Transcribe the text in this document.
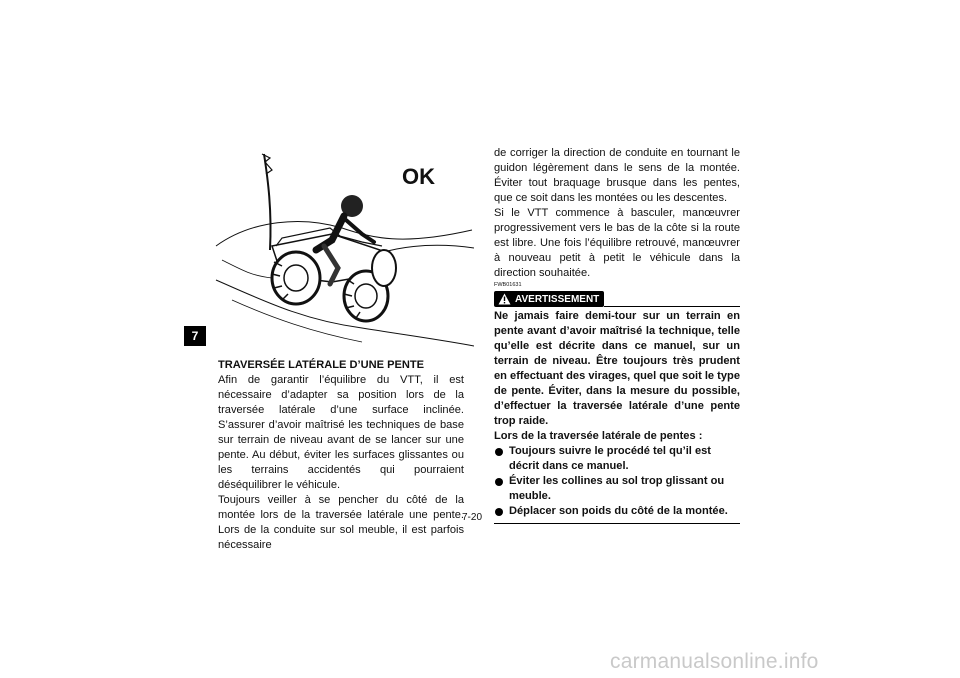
7
OK

TRAVERSÉE LATÉRALE D’UNE PENTE

Afin de garantir l’équilibre du VTT, il est nécessaire d’adapter sa position lors de la traversée latérale d’une surface inclinée. S’assurer d’avoir maîtrisé les techniques de base sur terrain de niveau avant de se lancer sur une pente. Au début, éviter les surfaces glissantes ou les terrains accidentés qui pourraient déséquilibrer le véhicule.

Toujours veiller à se pencher du côté de la montée lors de la traversée latérale une pente. Lors de la conduite sur sol meuble, il est parfois nécessaire

de corriger la direction de conduite en tournant le guidon légèrement dans le sens de la montée. Éviter tout braquage brusque dans les pentes, que ce soit dans les montées ou les descentes.

Si le VTT commence à basculer, manœuvrer progressivement vers le bas de la côte si la route est libre. Une fois l’équilibre retrouvé, manœuvrer à nouveau petit à petit le véhicule dans la direction souhaitée.

FWB01631
AVERTISSEMENT

Ne jamais faire demi-tour sur un terrain en pente avant d’avoir maîtrisé la technique, telle qu’elle est décrite dans ce manuel, sur un terrain de niveau. Être toujours très prudent en effectuant des virages, quel que soit le type de pente. Éviter, dans la mesure du possible, d’effectuer la traversée latérale d’une pente trop raide.

Lors de la traversée latérale de pentes :

Toujours suivre le procédé tel qu’il est décrit dans ce manuel.
Éviter les collines au sol trop glissant ou meuble.
Déplacer son poids du côté de la montée.
7-20
carmanualsonline.info
